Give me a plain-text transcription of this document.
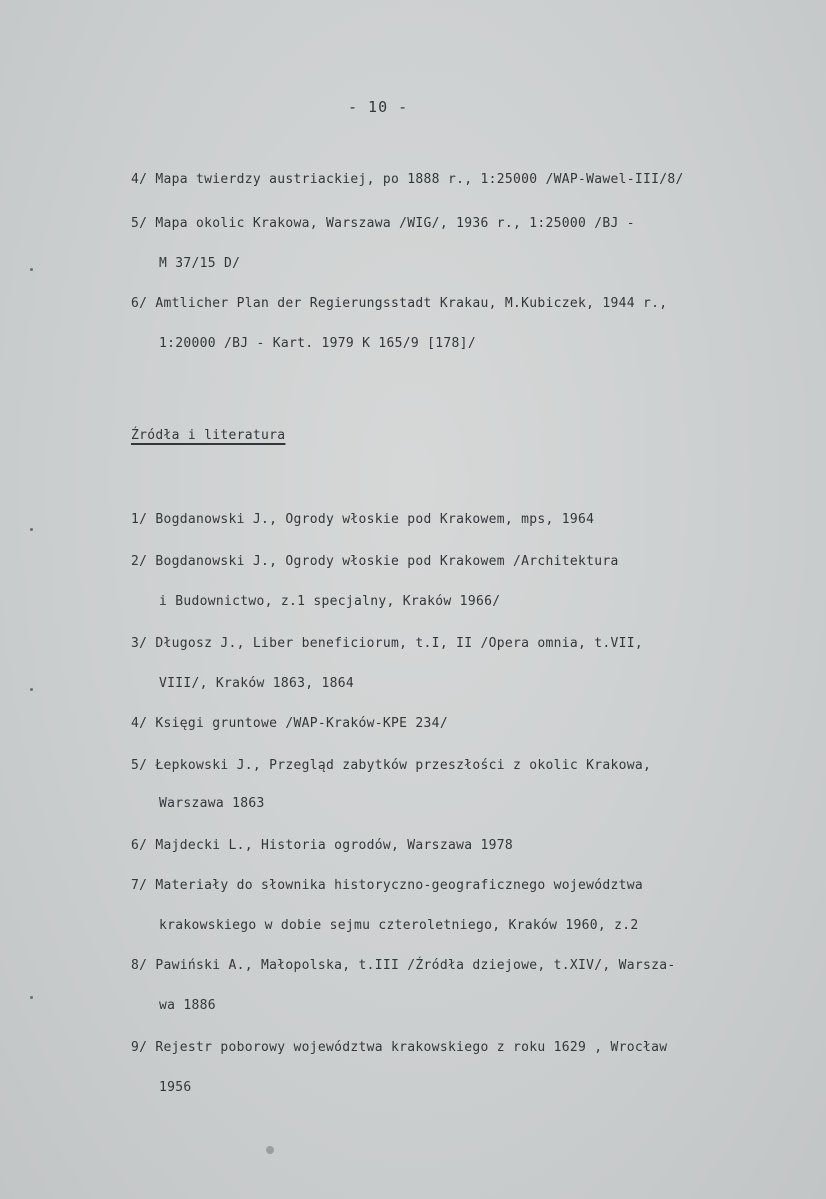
- 10 -
4/ Mapa twierdzy austriackiej, po 1888 r., 1:25000 /WAP-Wawel-III/8/
5/ Mapa okolic Krakowa, Warszawa /WIG/, 1936 r., 1:25000 /BJ -
M 37/15 D/
6/ Amtlicher Plan der Regierungsstadt Krakau, M.Kubiczek, 1944 r.,
1:20000 /BJ - Kart. 1979 K 165/9 [178]/
Źródła i literatura
1/ Bogdanowski J., Ogrody włoskie pod Krakowem, mps, 1964
2/ Bogdanowski J., Ogrody włoskie pod Krakowem /Architektura
i Budownictwo, z.1 specjalny, Kraków 1966/
3/ Długosz J., Liber beneficiorum, t.I, II /Opera omnia, t.VII,
VIII/, Kraków 1863, 1864
4/ Księgi gruntowe /WAP-Kraków-KPE 234/
5/ Łepkowski J., Przegląd zabytków przeszłości z okolic Krakowa,
Warszawa 1863
6/ Majdecki L., Historia ogrodów, Warszawa 1978
7/ Materiały do słownika historyczno-geograficznego województwa
krakowskiego w dobie sejmu czteroletniego, Kraków 1960, z.2
8/ Pawiński A., Małopolska, t.III /Źródła dziejowe, t.XIV/, Warsza-
wa 1886
9/ Rejestr poborowy województwa krakowskiego z roku 1629 , Wrocław
1956
